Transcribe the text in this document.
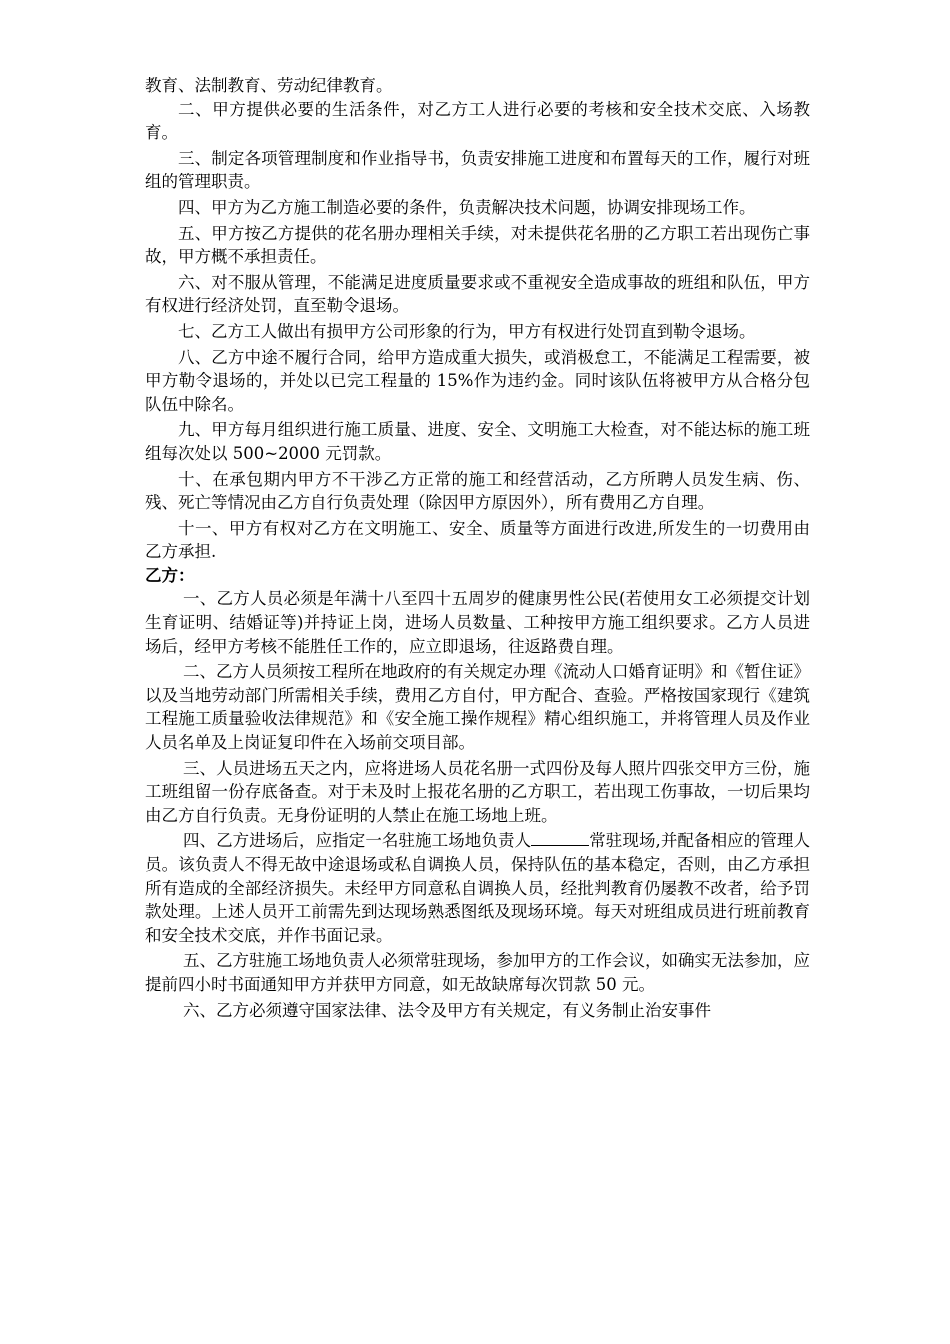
教育、法制教育、劳动纪律教育。

二、甲方提供必要的生活条件，对乙方工人进行必要的考核和安全技术交底、入场教育。

三、制定各项管理制度和作业指导书，负责安排施工进度和布置每天的工作，履行对班组的管理职责。

四、甲方为乙方施工制造必要的条件，负责解决技术问题，协调安排现场工作。

五、甲方按乙方提供的花名册办理相关手续，对未提供花名册的乙方职工若出现伤亡事故，甲方概不承担责任。

六、对不服从管理，不能满足进度质量要求或不重视安全造成事故的班组和队伍，甲方有权进行经济处罚，直至勒令退场。

七、乙方工人做出有损甲方公司形象的行为，甲方有权进行处罚直到勒令退场。

八、乙方中途不履行合同，给甲方造成重大损失，或消极怠工，不能满足工程需要，被甲方勒令退场的，并处以已完工程量的 15%作为违约金。同时该队伍将被甲方从合格分包队伍中除名。

九、甲方每月组织进行施工质量、进度、安全、文明施工大检查，对不能达标的施工班组每次处以 500~2000 元罚款。

十、在承包期内甲方不干涉乙方正常的施工和经营活动，乙方所聘人员发生病、伤、残、死亡等情况由乙方自行负责处理（除因甲方原因外），所有费用乙方自理。

十一、甲方有权对乙方在文明施工、安全、质量等方面进行改进,所发生的一切费用由乙方承担.

乙方：

一、乙方人员必须是年满十八至四十五周岁的健康男性公民(若使用女工必须提交计划生育证明、结婚证等)并持证上岗，进场人员数量、工种按甲方施工组织要求。乙方人员进场后，经甲方考核不能胜任工作的，应立即退场，往返路费自理。

二、乙方人员须按工程所在地政府的有关规定办理《流动人口婚育证明》和《暂住证》以及当地劳动部门所需相关手续，费用乙方自付，甲方配合、查验。严格按国家现行《建筑工程施工质量验收法律规范》和《安全施工操作规程》精心组织施工，并将管理人员及作业人员名单及上岗证复印件在入场前交项目部。

三、人员进场五天之内，应将进场人员花名册一式四份及每人照片四张交甲方三份，施工班组留一份存底备查。对于未及时上报花名册的乙方职工，若出现工伤事故，一切后果均由乙方自行负责。无身份证明的人禁止在施工场地上班。

四、乙方进场后，应指定一名驻施工场地负责人	常驻现场,并配备相应的管理人员。该负责人不得无故中途退场或私自调换人员，保持队伍的基本稳定，否则，由乙方承担所有造成的全部经济损失。未经甲方同意私自调换人员，经批判教育仍屡教不改者，给予罚款处理。上述人员开工前需先到达现场熟悉图纸及现场环境。每天对班组成员进行班前教育和安全技术交底，并作书面记录。

五、乙方驻施工场地负责人必须常驻现场，参加甲方的工作会议，如确实无法参加，应提前四小时书面通知甲方并获甲方同意，如无故缺席每次罚款 50 元。

六、乙方必须遵守国家法律、法令及甲方有关规定，有义务制止治安事件
